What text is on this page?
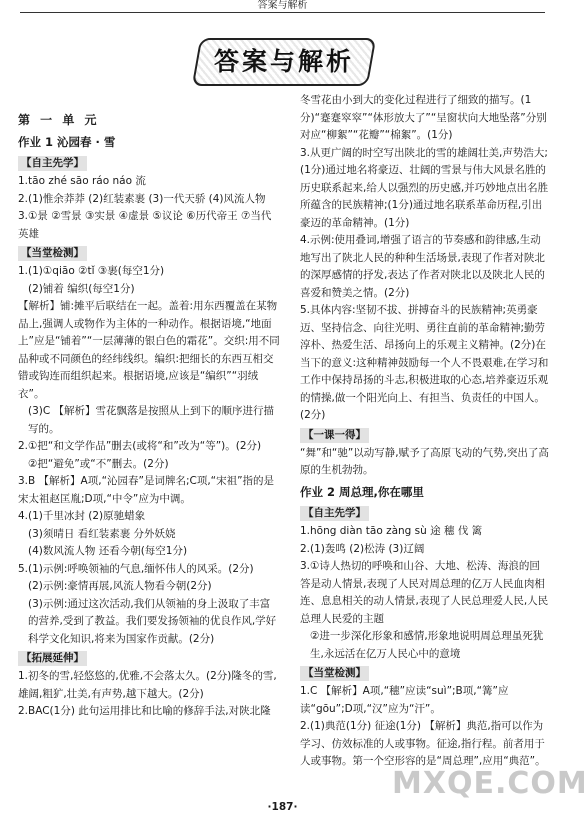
答案与解析
答案与解析
第 一 单 元
作业 1 沁园春 · 雪
【自主先学】
1.tāo zhé sāo ráo náo 流
2.(1)惟余莽莽 (2)红装素裹 (3)一代天骄 (4)风流人物
3.①景 ②雪景 ③实景 ④虚景 ⑤议论 ⑥历代帝王 ⑦当代英雄
【当堂检测】
1.(1)①qiāo ②tǐ ③裹(每空1分)
(2)铺着 编织(每空1分)
【解析】铺:摊平后联结在一起。盖着:用东西覆盖在某物品上,强调人或物作为主体的一种动作。根据语境,“地面上”应是“铺着”“一层薄薄的银白色的霜花”。交织:用不同品种或不同颜色的经纬线织。编织:把细长的东西互相交错或钩连而组织起来。根据语境,应该是“编织”“羽绒衣”。
(3)C 【解析】雪花飘落是按照从上到下的顺序进行描写的。
2.①把“和文学作品”删去(或将“和”改为“等”)。(2分)
②把“避免”或“不”删去。(2分)
3.B 【解析】A项,“沁园春”是词牌名;C项,“宋祖”指的是宋太祖赵匡胤;D项,“中令”应为中调。
4.(1)千里冰封 (2)原驰蜡象
(3)须晴日 看红装素裹 分外妖娆
(4)数风流人物 还看今朝(每空1分)
5.(1)示例:呼唤领袖的气息,缅怀伟人的风采。(2分)
(2)示例:豪情再展,风流人物看今朝(2分)
(3)示例:通过这次活动,我们从领袖的身上汲取了丰富的营养,受到了教益。我们要发扬领袖的优良作风,学好科学文化知识,将来为国家作贡献。(2分)
【拓展延伸】
1.初冬的雪,轻悠悠的,优雅,不会落太久。(2分)隆冬的雪,雄阔,粗犷,壮美,有声势,越下越大。(2分)
2.BAC(1分) 此句运用排比和比喻的修辞手法,对陕北隆
冬雪花由小到大的变化过程进行了细致的描写。(1分)“蹇蹇窣窣”“体形放大了”“呈窗状向大地坠落”分别对应“柳絮”“花瓣”“棉絮”。(1分)
3.从更广阔的时空写出陕北的雪的雄阔壮美,声势浩大;(1分)通过地名将豪迈、壮阔的雪景与伟大风景名胜的历史联系起来,给人以强烈的历史感,并巧妙地点出名胜所蕴含的民族精神;(1分)通过地名联系革命历程,引出豪迈的革命精神。(1分)
4.示例:使用叠词,增强了语言的节奏感和韵律感,生动地写出了陕北人民的种种生活场景,表现了作者对陕北的深厚感情的抒发,表达了作者对陕北以及陕北人民的喜爱和赞美之情。(2分)
5.具体内容:坚韧不拔、拼搏奋斗的民族精神;英勇豪迈、坚持信念、向往光明、勇往直前的革命精神;勤劳淳朴、热爱生活、昂扬向上的乐观主义精神。(2分)在当下的意义:这种精神鼓励每一个人不畏艰难,在学习和工作中保持昂扬的斗志,积极进取的心态,培养豪迈乐观的情操,做一个阳光向上、有担当、负责任的中国人。(2分)
【一课一得】
“舞”和“驰”以动写静,赋予了高原飞动的气势,突出了高原的生机勃勃。
作业 2 周总理,你在哪里
【自主先学】
1.hōng diàn tāo zàng sù 途 穗 伐 篱
2.(1)轰鸣 (2)松涛 (3)辽阔
3.①诗人热切的呼唤和山谷、大地、松涛、海浪的回答是动人情景,表现了人民对周总理的亿万人民血肉相连、息息相关的动人情景,表现了人民总理爱人民,人民总理人民爱的主题
②进一步深化形象和感情,形象地说明周总理虽死犹生,永远活在亿万人民心中的意境
【当堂检测】
1.C 【解析】A项,“穗”应读“suì”;B项,“篝”应读“gōu”;D项,“汉”应为“汗”。
2.(1)典范(1分) 征途(1分) 【解析】典范,指可以作为学习、仿效标准的人或事物。征途,指行程。前者用于人或事物。第一个空形容的是“周总理”,应用“典范”。
MXQE.COM
·187·
